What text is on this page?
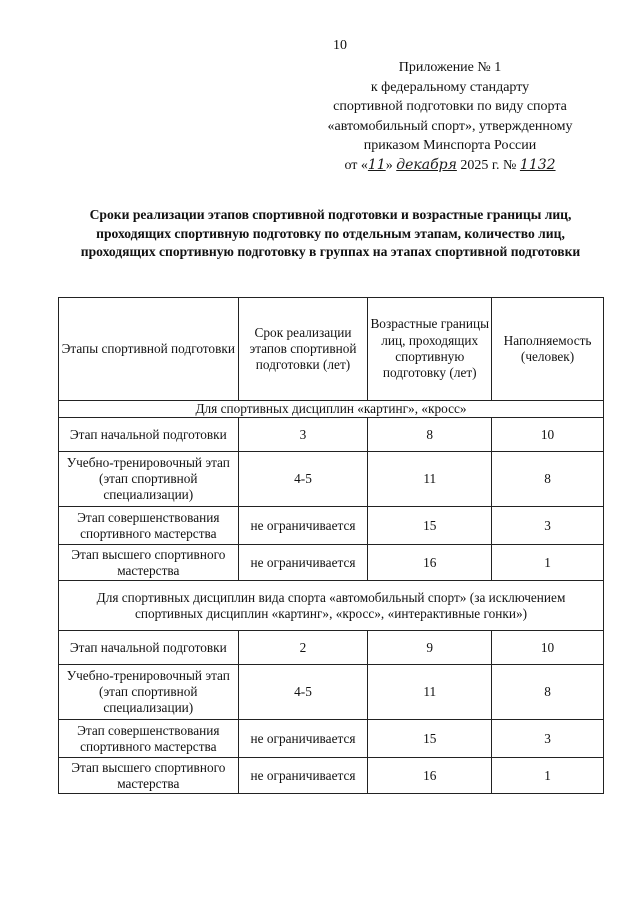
10
Приложение № 1
к федеральному стандарту
спортивной подготовки по виду спорта
«автомобильный спорт», утвержденному
приказом Минспорта России
от «11» декабря 2025 г. № 1132
Сроки реализации этапов спортивной подготовки и возрастные границы лиц, проходящих спортивную подготовку по отдельным этапам, количество лиц, проходящих спортивную подготовку в группах на этапах спортивной подготовки
Этапы спортивной подготовки	Срок реализации этапов спортивной подготовки (лет)	Возрастные границы лиц, проходящих спортивную подготовку (лет)	Наполняемость (человек)
Для спортивных дисциплин «картинг», «кросс»			
Этап начальной подготовки	3	8	10
Учебно-тренировочный этап (этап спортивной специализации)	4-5	11	8
Этап совершенствования спортивного мастерства	не ограничивается	15	3
Этап высшего спортивного мастерства	не ограничивается	16	1
Для спортивных дисциплин вида спорта «автомобильный спорт» (за исключением спортивных дисциплин «картинг», «кросс», «интерактивные гонки»)			
Этап начальной подготовки	2	9	10
Учебно-тренировочный этап (этап спортивной специализации)	4-5	11	8
Этап совершенствования спортивного мастерства	не ограничивается	15	3
Этап высшего спортивного мастерства	не ограничивается	16	1
